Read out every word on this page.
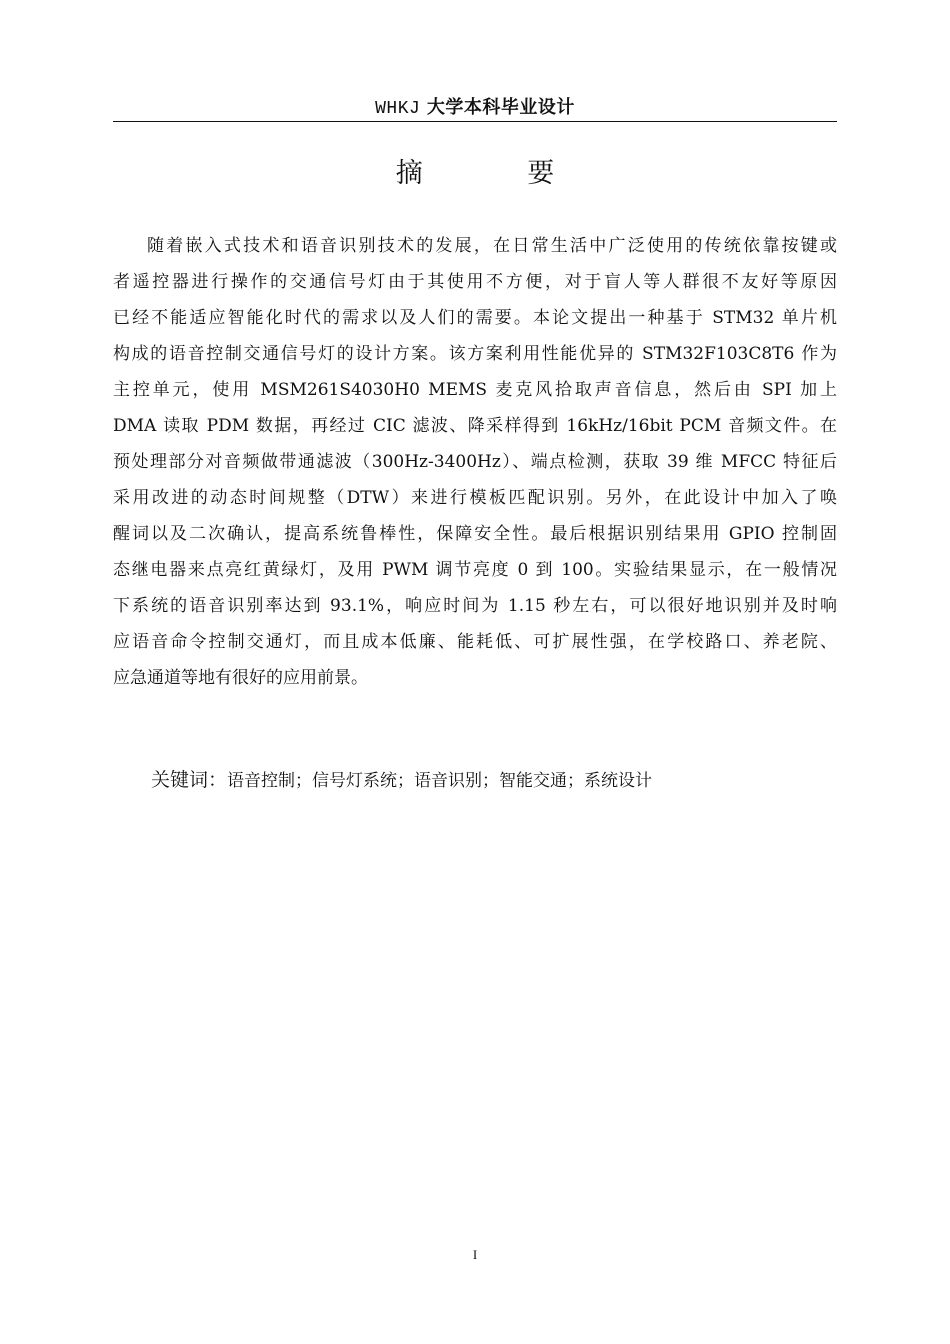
WHKJ 大学本科毕业设计
摘 要
随着嵌入式技术和语音识别技术的发展，在日常生活中广泛使用的传统依靠按键或
者遥控器进行操作的交通信号灯由于其使用不方便，对于盲人等人群很不友好等原因
已经不能适应智能化时代的需求以及人们的需要。本论文提出一种基于 STM32 单片机
构成的语音控制交通信号灯的设计方案。该方案利用性能优异的 STM32F103C8T6 作为
主控单元，使用 MSM261S4030H0 MEMS 麦克风拾取声音信息，然后由 SPI 加上
DMA 读取 PDM 数据，再经过 CIC 滤波、降采样得到 16kHz/16bit PCM 音频文件。在
预处理部分对音频做带通滤波（300Hz-3400Hz）、端点检测，获取 39 维 MFCC 特征后
采用改进的动态时间规整（DTW）来进行模板匹配识别。另外，在此设计中加入了唤
醒词以及二次确认，提高系统鲁棒性，保障安全性。最后根据识别结果用 GPIO 控制固
态继电器来点亮红黄绿灯，及用 PWM 调节亮度 0 到 100。实验结果显示，在一般情况
下系统的语音识别率达到 93.1%，响应时间为 1.15 秒左右，可以很好地识别并及时响
应语音命令控制交通灯，而且成本低廉、能耗低、可扩展性强，在学校路口、养老院、
应急通道等地有很好的应用前景。
关键词：语音控制；信号灯系统；语音识别；智能交通；系统设计
I
